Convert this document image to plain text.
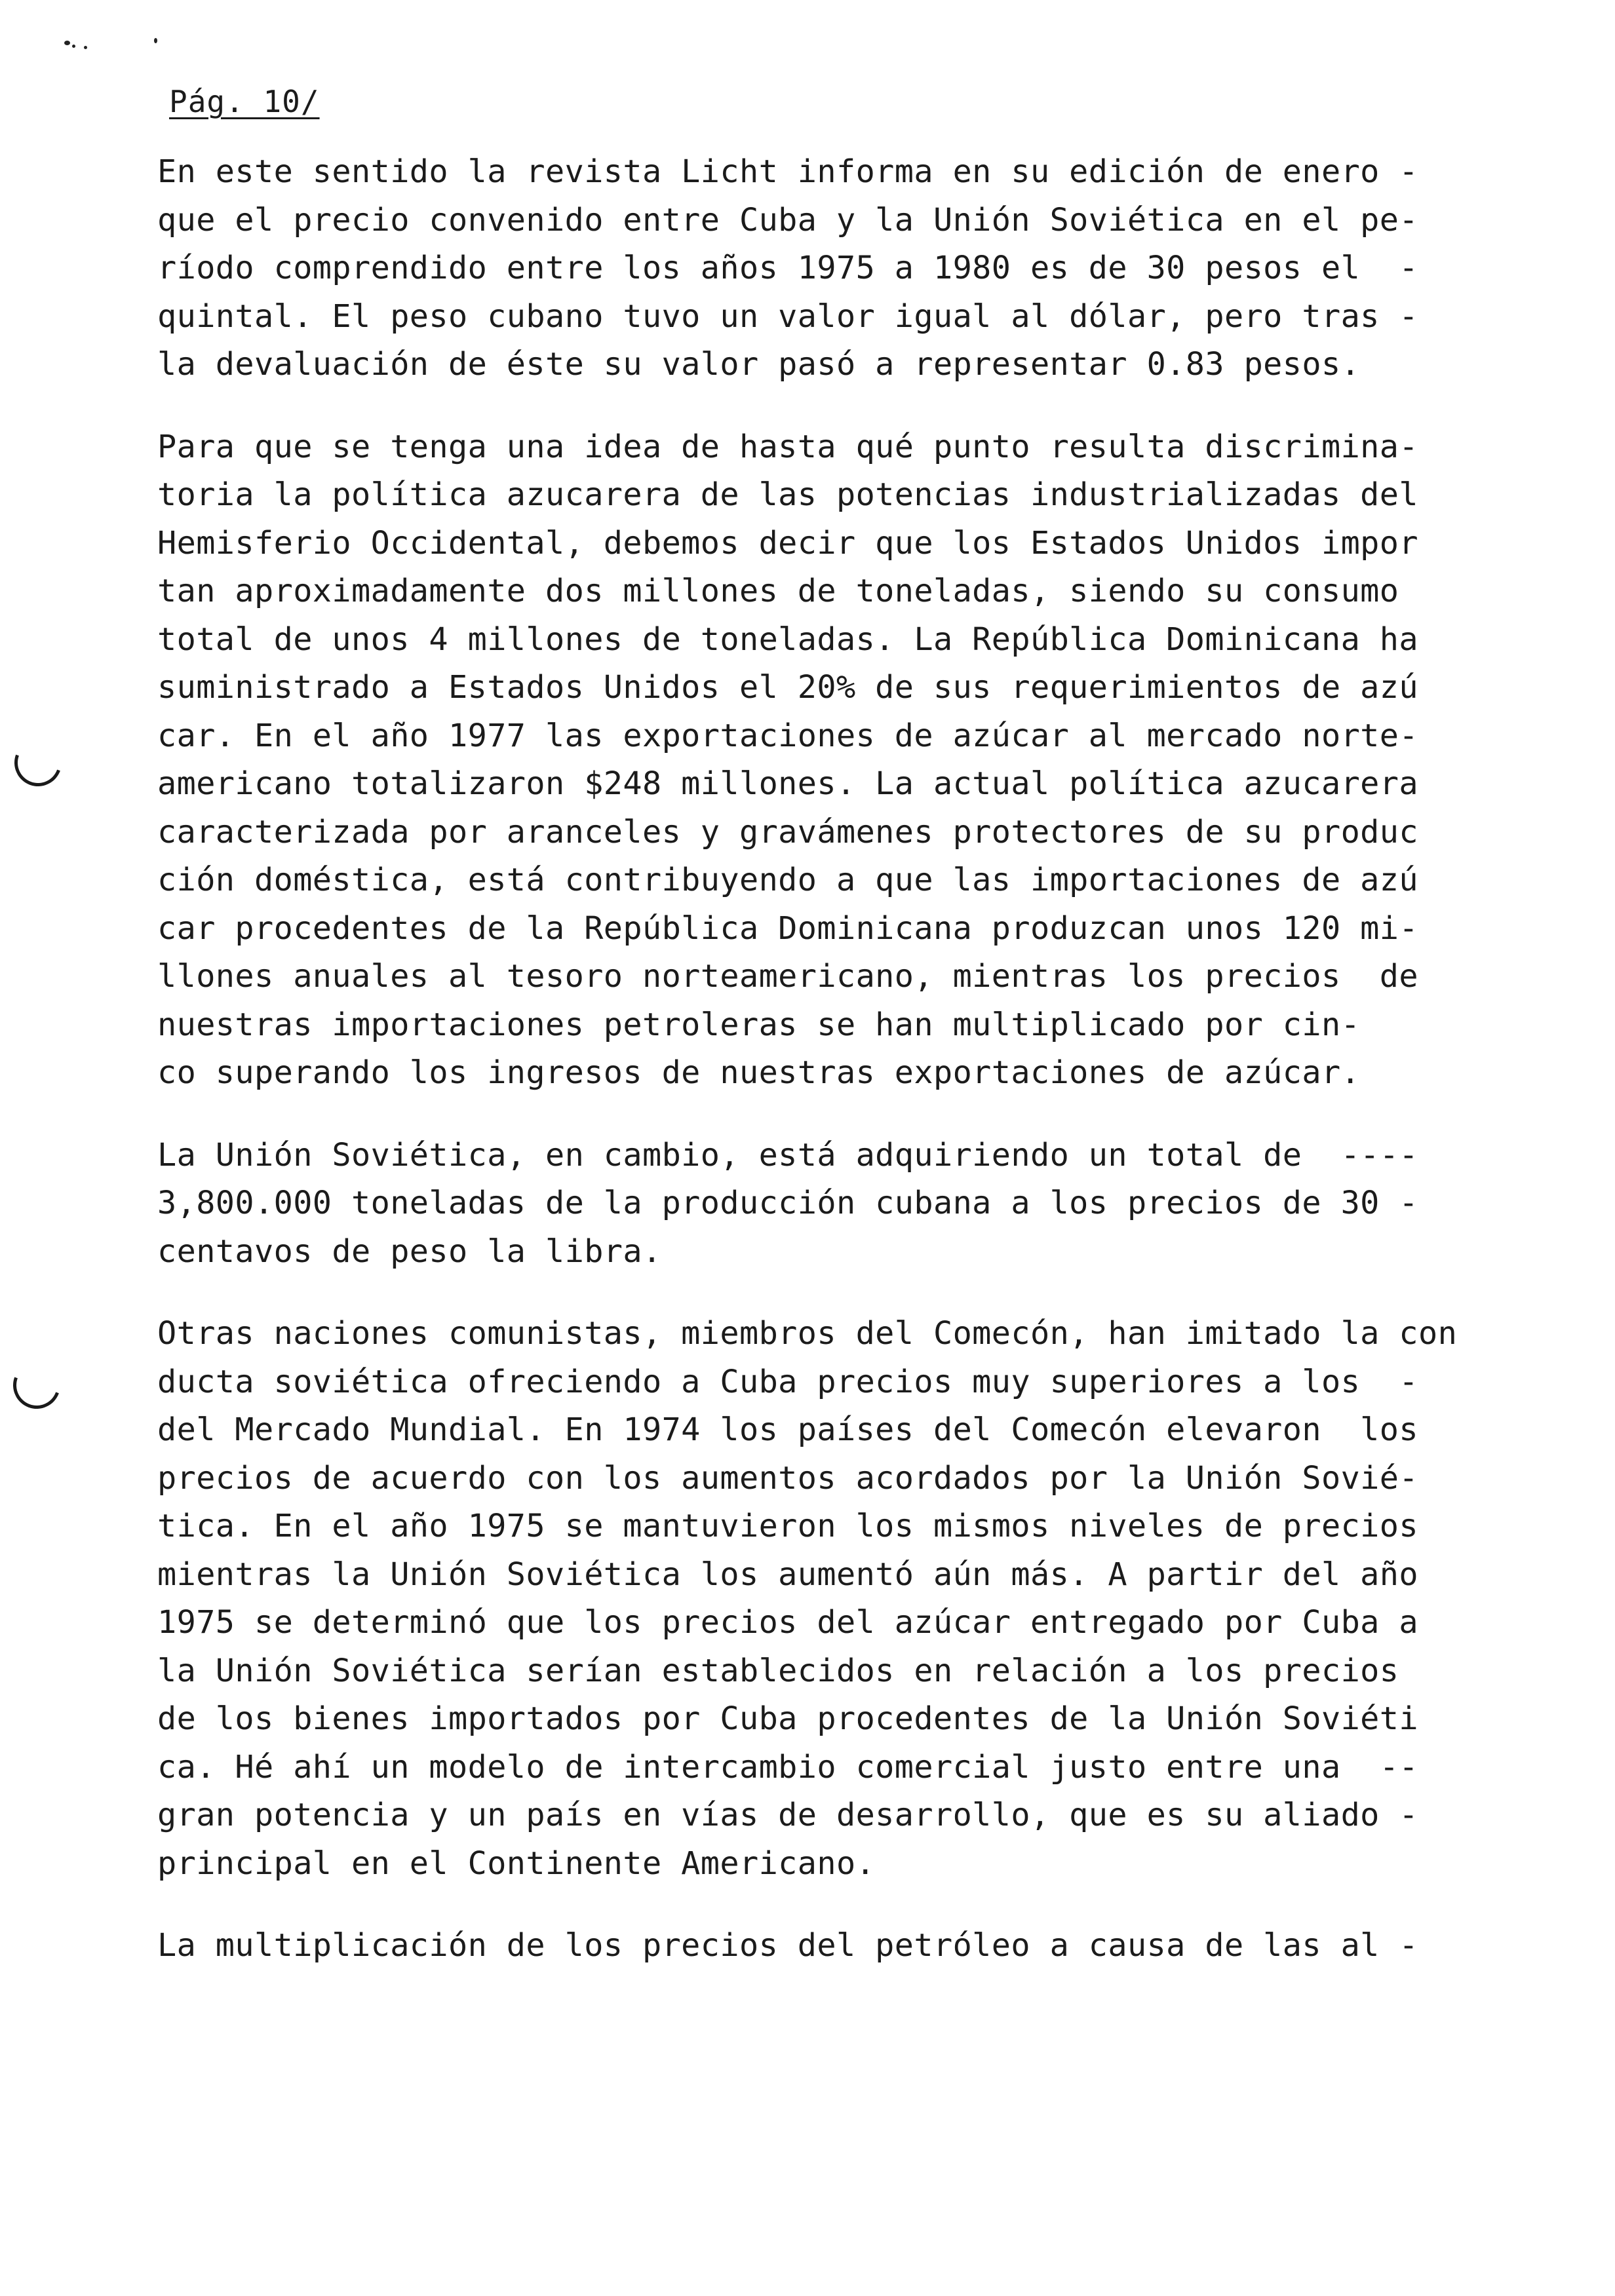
Pág. 10/
En este sentido la revista Licht informa en su edición de enero -
que el precio convenido entre Cuba y la Unión Soviética en el pe-
ríodo comprendido entre los años 1975 a 1980 es de 30 pesos el  -
quintal. El peso cubano tuvo un valor igual al dólar, pero tras -
la devaluación de éste su valor pasó a representar 0.83 pesos.
Para que se tenga una idea de hasta qué punto resulta discrimina-
toria la política azucarera de las potencias industrializadas del
Hemisferio Occidental, debemos decir que los Estados Unidos impor
tan aproximadamente dos millones de toneladas, siendo su consumo
total de unos 4 millones de toneladas. La República Dominicana ha
suministrado a Estados Unidos el 20% de sus requerimientos de azú
car. En el año 1977 las exportaciones de azúcar al mercado norte-
americano totalizaron $248 millones. La actual política azucarera
caracterizada por aranceles y gravámenes protectores de su produc
ción doméstica, está contribuyendo a que las importaciones de azú
car procedentes de la República Dominicana produzcan unos 120 mi-
llones anuales al tesoro norteamericano, mientras los precios  de
nuestras importaciones petroleras se han multiplicado por cin-
co superando los ingresos de nuestras exportaciones de azúcar.
La Unión Soviética, en cambio, está adquiriendo un total de  ----
3,800.000 toneladas de la producción cubana a los precios de 30 -
centavos de peso la libra.
Otras naciones comunistas, miembros del Comecón, han imitado la con
ducta soviética ofreciendo a Cuba precios muy superiores a los  -
del Mercado Mundial. En 1974 los países del Comecón elevaron  los
precios de acuerdo con los aumentos acordados por la Unión Sovié-
tica. En el año 1975 se mantuvieron los mismos niveles de precios
mientras la Unión Soviética los aumentó aún más. A partir del año
1975 se determinó que los precios del azúcar entregado por Cuba a
la Unión Soviética serían establecidos en relación a los precios
de los bienes importados por Cuba procedentes de la Unión Soviéti
ca. Hé ahí un modelo de intercambio comercial justo entre una  --
gran potencia y un país en vías de desarrollo, que es su aliado -
principal en el Continente Americano.
La multiplicación de los precios del petróleo a causa de las al -
